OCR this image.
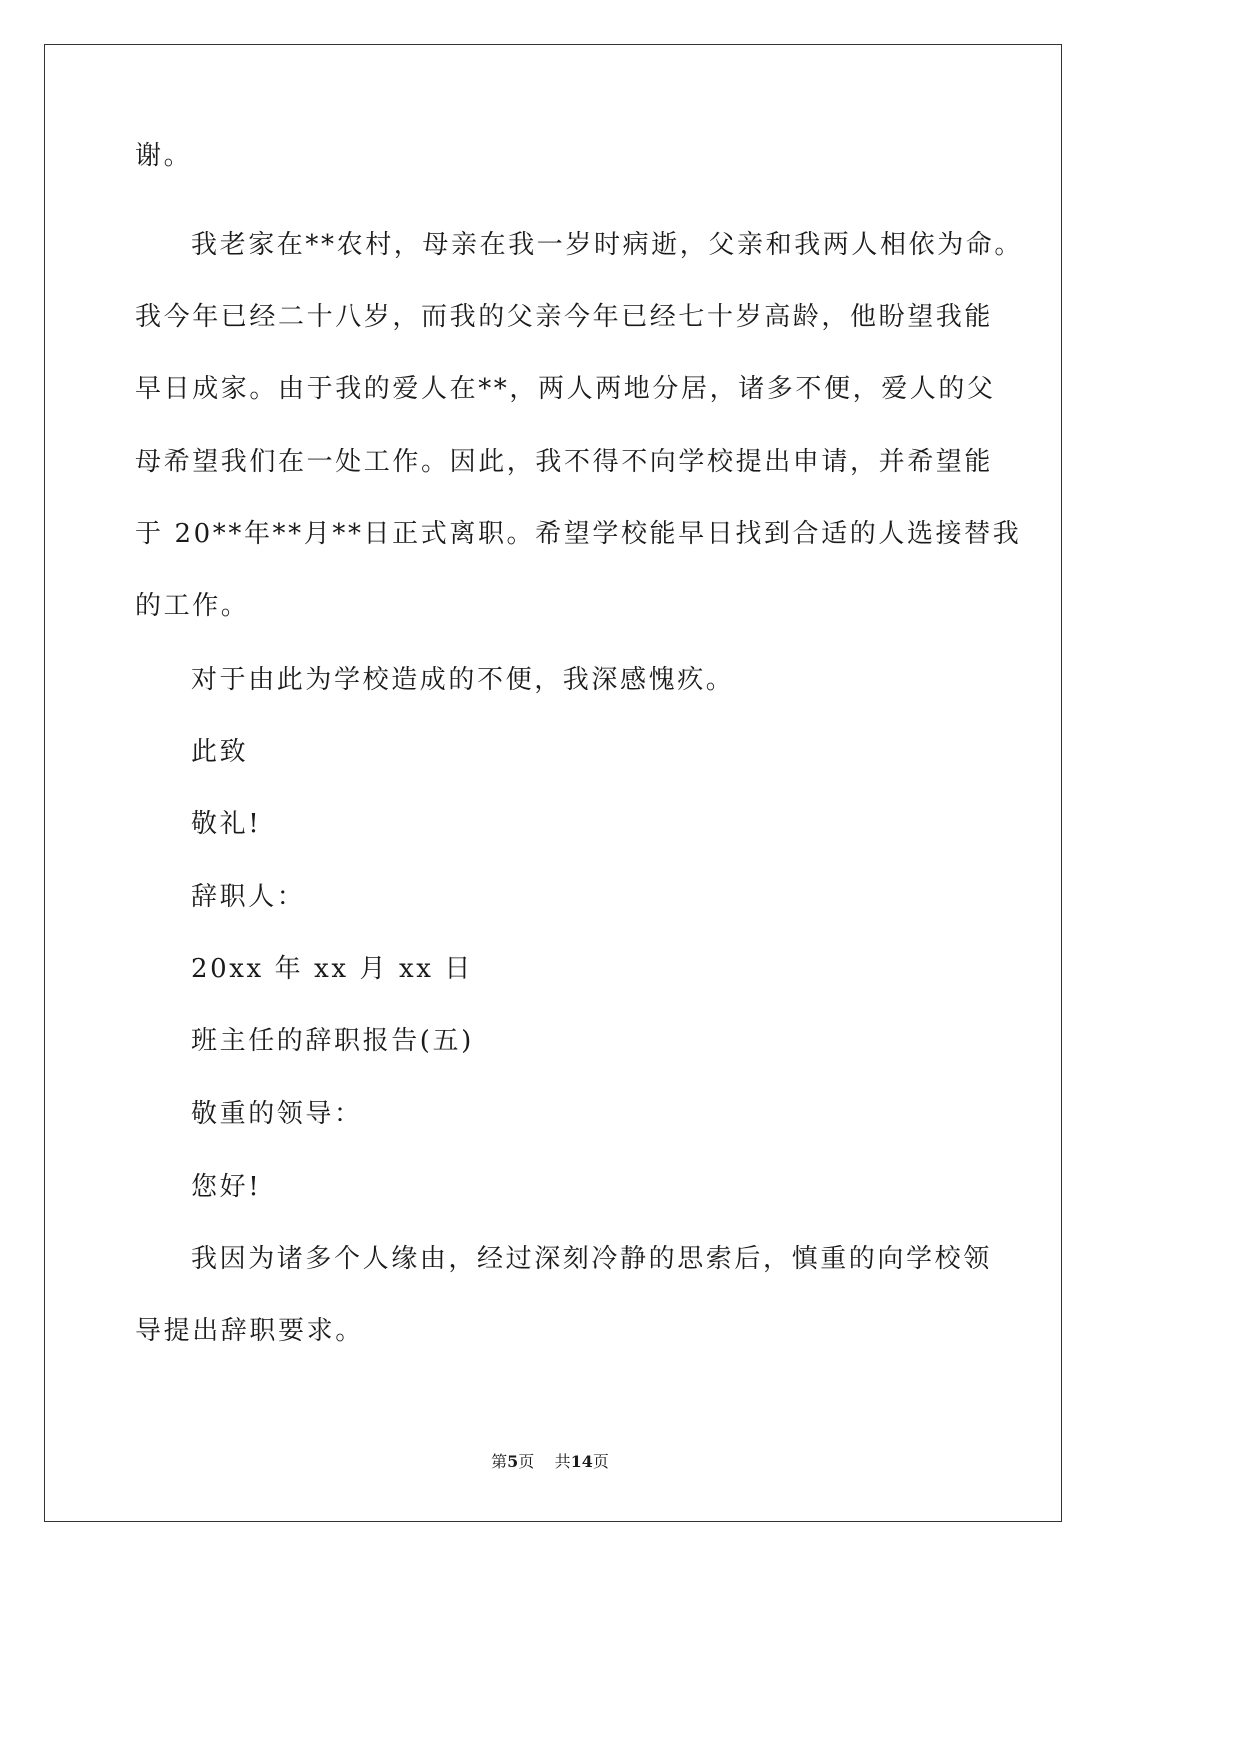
谢。
我老家在**农村，母亲在我一岁时病逝，父亲和我两人相依为命。
我今年已经二十八岁，而我的父亲今年已经七十岁高龄，他盼望我能
早日成家。由于我的爱人在**，两人两地分居，诸多不便，爱人的父
母希望我们在一处工作。因此，我不得不向学校提出申请，并希望能
于 20**年**月**日正式离职。希望学校能早日找到合适的人选接替我
的工作。
对于由此为学校造成的不便，我深感愧疚。
此致
敬礼!
辞职人：
20xx 年 xx 月 xx 日
班主任的辞职报告(五)
敬重的领导：
您好!
我因为诸多个人缘由，经过深刻冷静的思索后，慎重的向学校领
导提出辞职要求。
第5页 共14页
